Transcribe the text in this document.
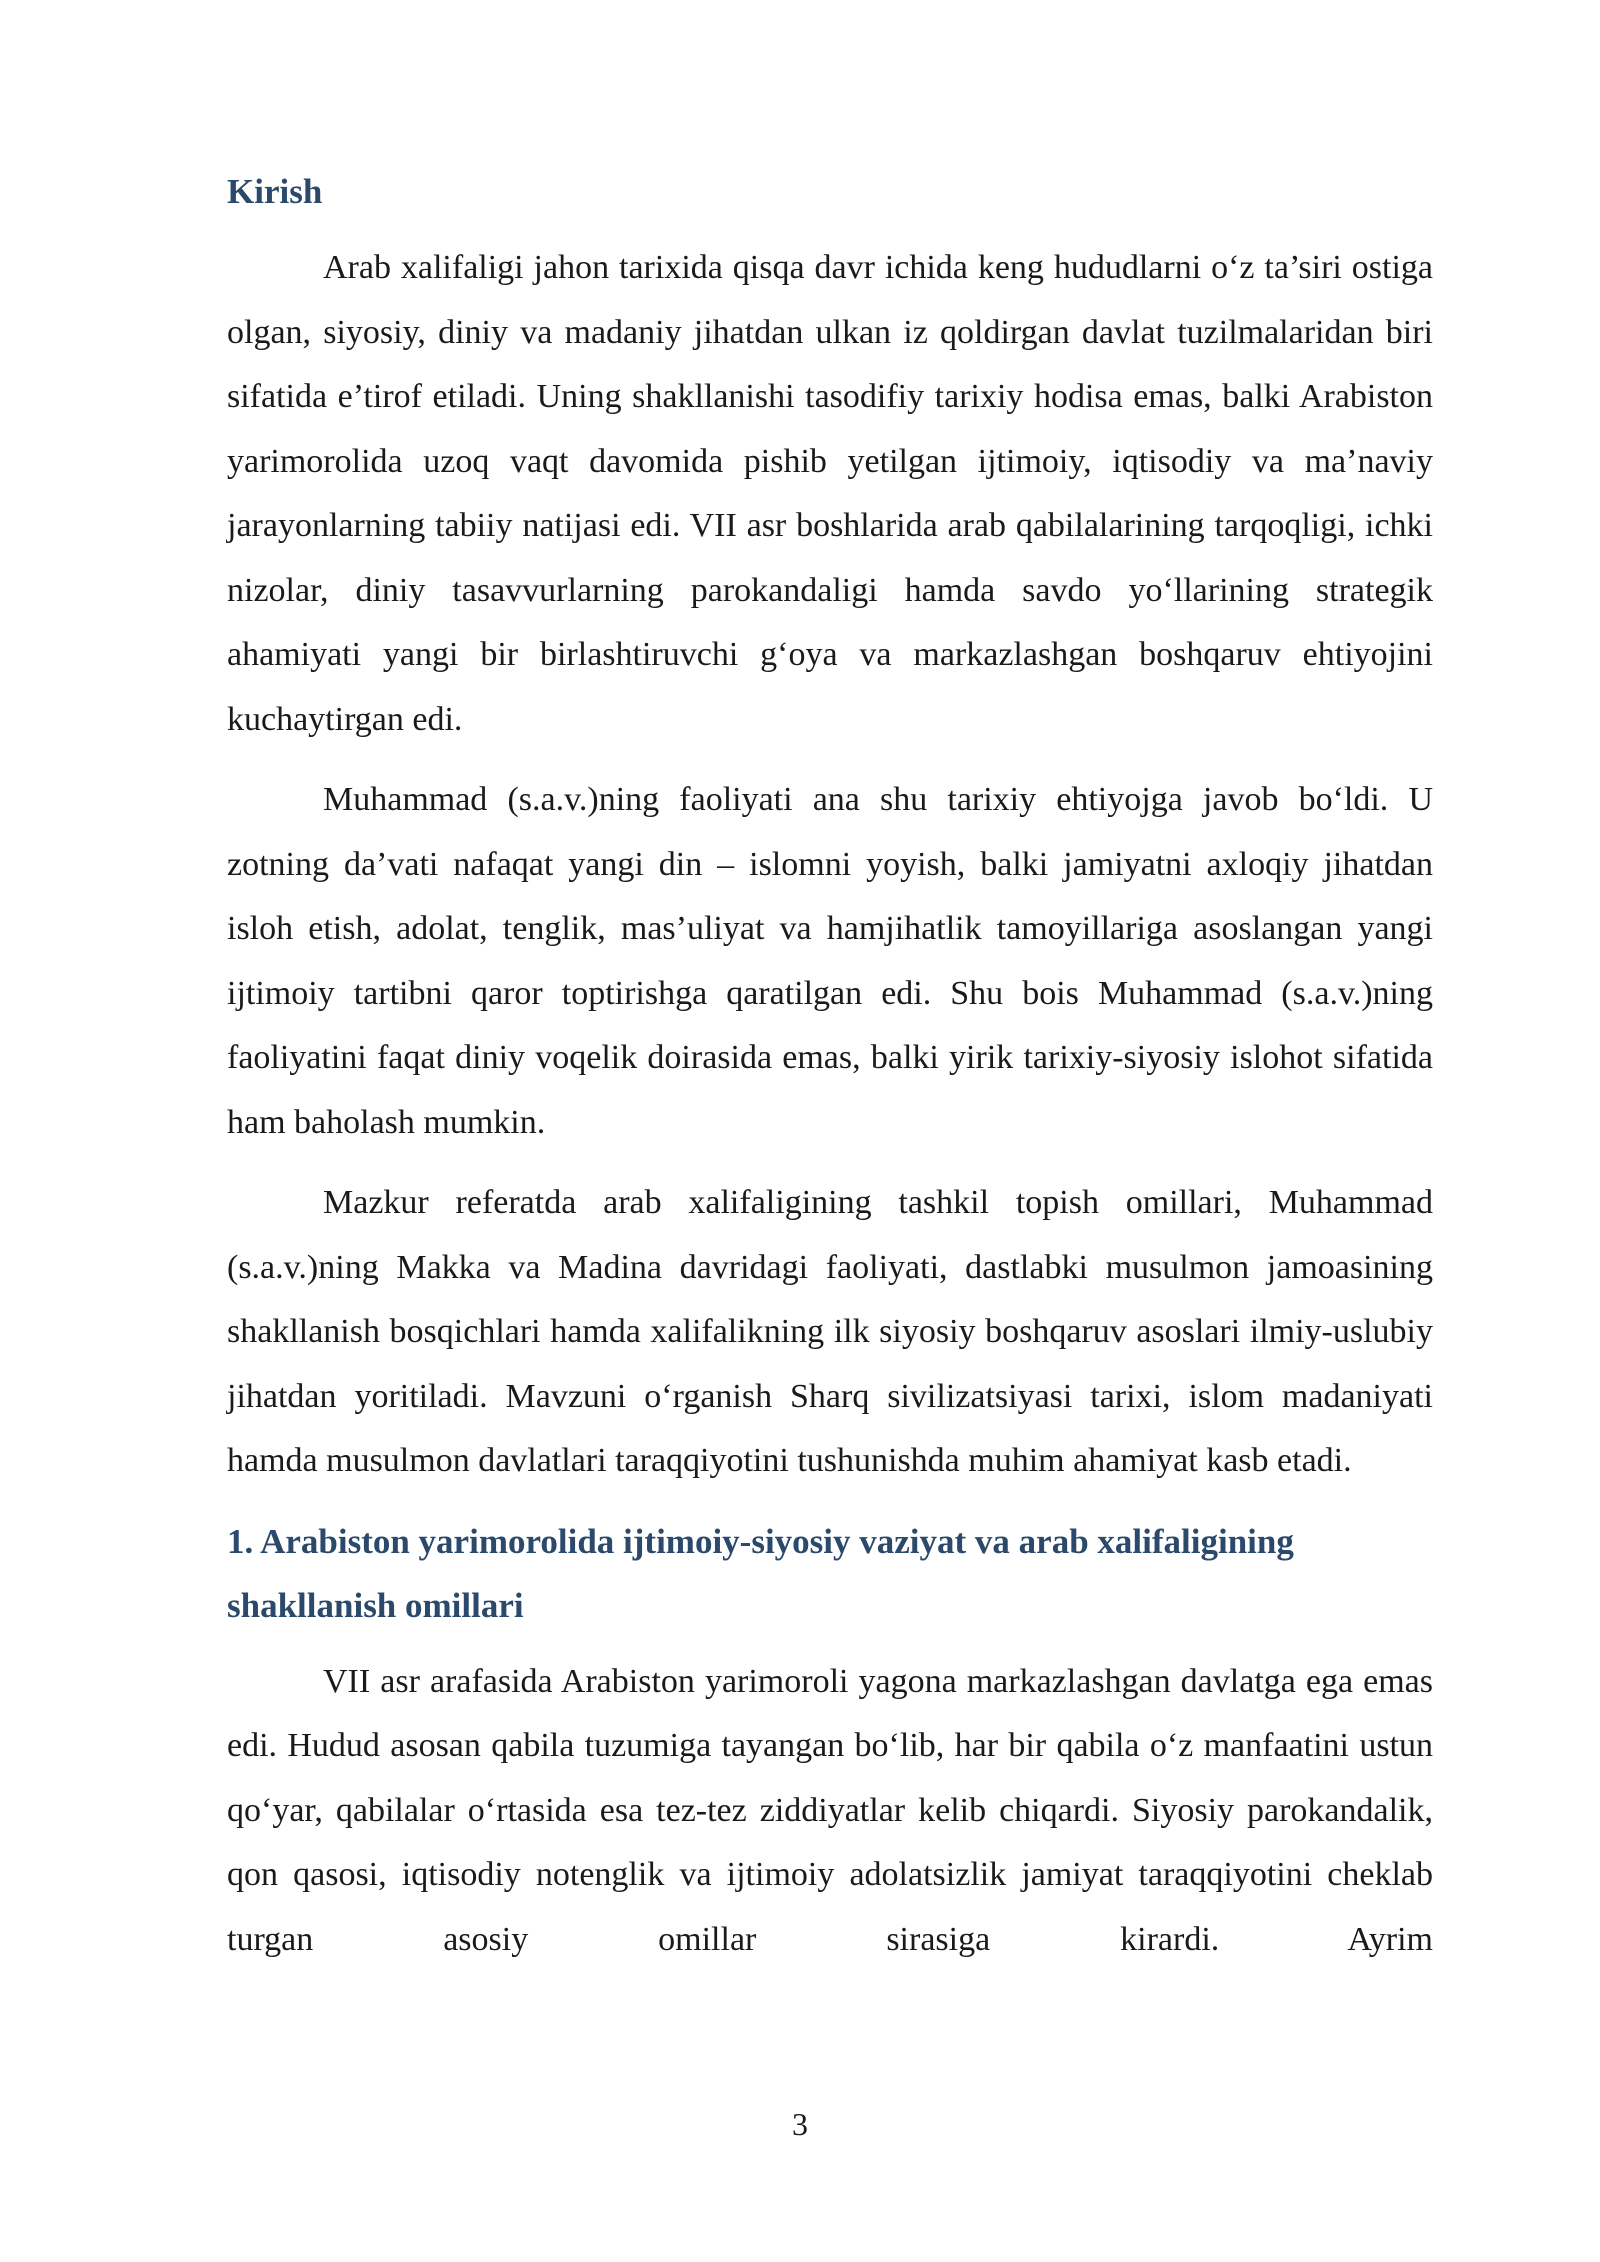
Kirish

Arab xalifaligi jahon tarixida qisqa davr ichida keng hududlarni o‘z ta’siri ostiga olgan, siyosiy, diniy va madaniy jihatdan ulkan iz qoldirgan davlat tuzilmalaridan biri sifatida e’tirof etiladi. Uning shakllanishi tasodifiy tarixiy hodisa emas, balki Arabiston yarimorolida uzoq vaqt davomida pishib yetilgan ijtimoiy, iqtisodiy va ma’naviy jarayonlarning tabiiy natijasi edi. VII asr boshlarida arab qabilalarining tarqoqligi, ichki nizolar, diniy tasavvurlarning parokandaligi hamda savdo yo‘llarining strategik ahamiyati yangi bir birlashtiruvchi g‘oya va markazlashgan boshqaruv ehtiyojini kuchaytirgan edi.

Muhammad (s.a.v.)ning faoliyati ana shu tarixiy ehtiyojga javob bo‘ldi. U zotning da’vati nafaqat yangi din – islomni yoyish, balki jamiyatni axloqiy jihatdan isloh etish, adolat, tenglik, mas’uliyat va hamjihatlik tamoyillariga asoslangan yangi ijtimoiy tartibni qaror toptirishga qaratilgan edi. Shu bois Muhammad (s.a.v.)ning faoliyatini faqat diniy voqelik doirasida emas, balki yirik tarixiy-siyosiy islohot sifatida ham baholash mumkin.

Mazkur referatda arab xalifaligining tashkil topish omillari, Muhammad (s.a.v.)ning Makka va Madina davridagi faoliyati, dastlabki musulmon jamoasining shakllanish bosqichlari hamda xalifalikning ilk siyosiy boshqaruv asoslari ilmiy-uslubiy jihatdan yoritiladi. Mavzuni o‘rganish Sharq sivilizatsiyasi tarixi, islom madaniyati hamda musulmon davlatlari taraqqiyotini tushunishda muhim ahamiyat kasb etadi.

1. Arabiston yarimorolida ijtimoiy-siyosiy vaziyat va arab xalifaligining shakllanish omillari

VII asr arafasida Arabiston yarimoroli yagona markazlashgan davlatga ega emas edi. Hudud asosan qabila tuzumiga tayangan bo‘lib, har bir qabila o‘z manfaatini ustun qo‘yar, qabilalar o‘rtasida esa tez-tez ziddiyatlar kelib chiqardi. Siyosiy parokandalik, qon qasosi, iqtisodiy notenglik va ijtimoiy adolatsizlik jamiyat taraqqiyotini cheklab turgan asosiy omillar sirasiga kirardi. Ayrim

3
